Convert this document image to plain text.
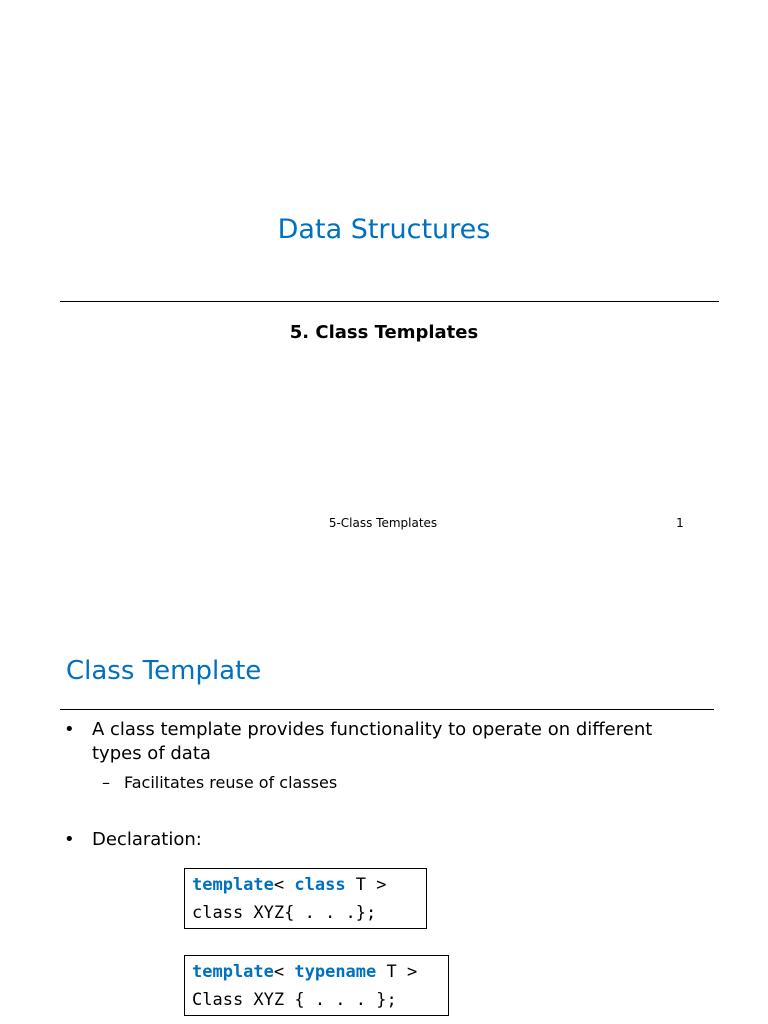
Data Structures
5. Class Templates
5-Class Templates	1
Class Template
• A class template provides functionality to operate on different types of data
– Facilitates reuse of classes
• Declaration:
template< class T >
class XYZ{ . . .};
template< typename T >
Class XYZ { . . . };
